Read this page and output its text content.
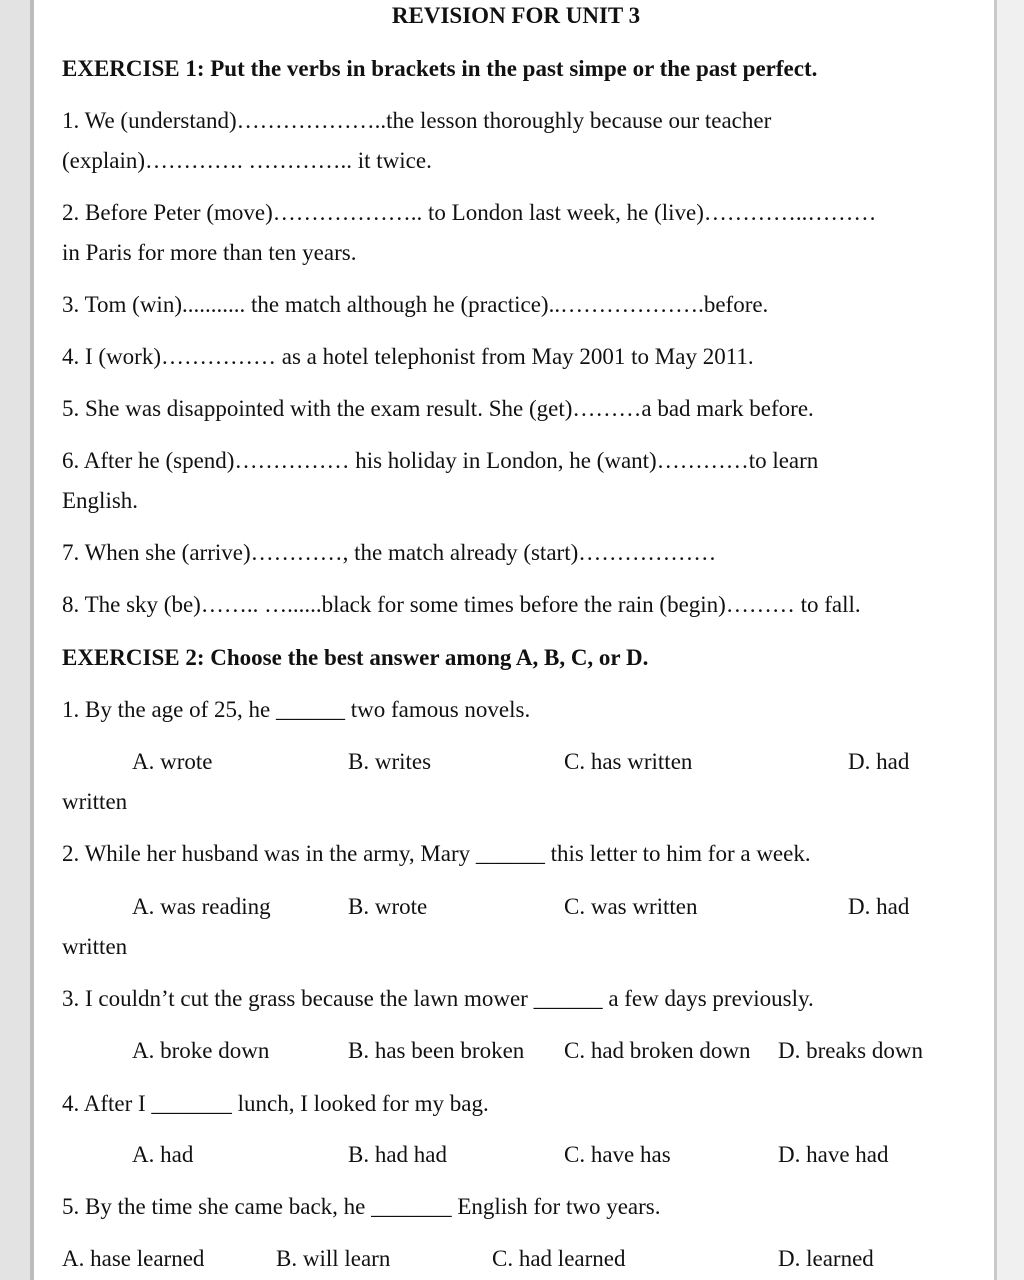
REVISION FOR UNIT 3
EXERCISE 1: Put the verbs in brackets in the past simpe or the past perfect.
1. We (understand)………………..the lesson thoroughly because our teacher
(explain)…………. ………….. it twice.
2. Before Peter (move)……………….. to London last week, he (live)…………..………
in Paris for more than ten years.
3. Tom (win)........... the match although he (practice)..……………….before.
4. I (work)…………… as a hotel telephonist from May 2001 to May 2011.
5. She was disappointed with the exam result. She (get)………a bad mark before.
6. After he (spend)…………… his holiday in London, he (want)…………to learn
English.
7. When she (arrive)…………, the match already (start)………………
8. The sky (be)…….. …......black for some times before the rain (begin)……… to fall.
EXERCISE 2: Choose the best answer among A, B, C, or D.
1. By the age of 25, he ______ two famous novels.
A. wrote	B. writes	C. has written	D. had
written
2. While her husband was in the army, Mary ______ this letter to him for a week.
A. was reading	B. wrote	C. was written	D. had
written
3. I couldn’t cut the grass because the lawn mower ______ a few days previously.
A. broke down	B. has been broken C. had broken down D. breaks down
4. After I _______ lunch, I looked for my bag.
A. had	B. had had	C. have has	D. have had
5. By the time she came back, he _______ English for two years.
A. hase learned	B. will learn	C. had learned	D. learned
